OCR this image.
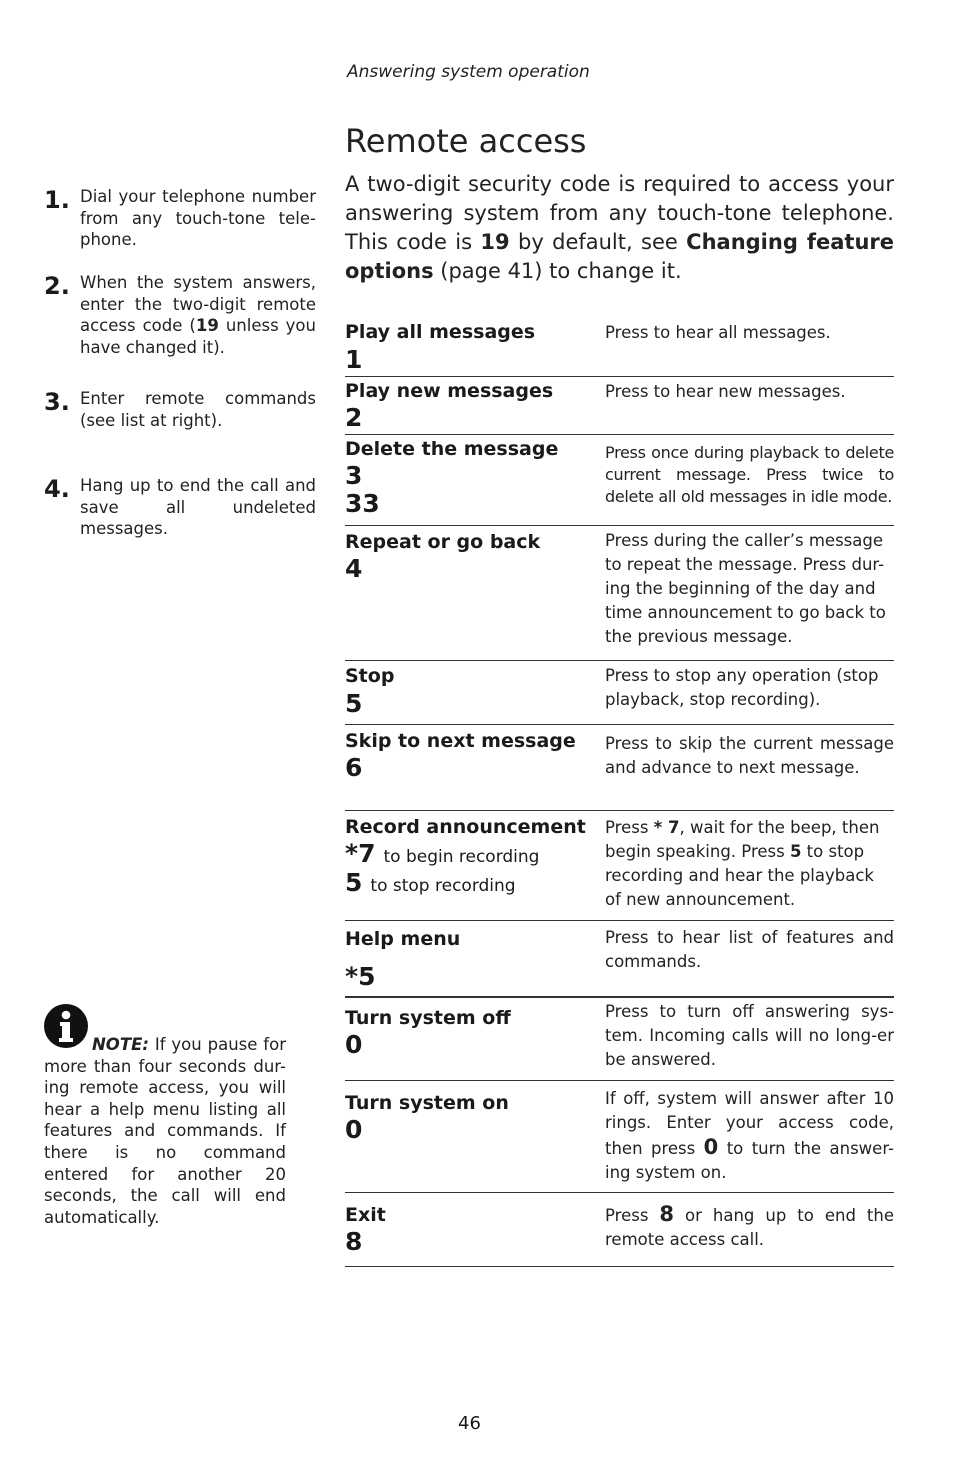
Answering system operation
Remote access
A two-digit security code is required to access your answering system from any touch-tone telephone. This code is 19 by default, see Changing feature options (page 41) to change it.
1. Dial your telephone number from any touch-tone tele-phone.
2. When the system answers, enter the two-digit remote access code (19 unless you have changed it).
3. Enter remote commands (see list at right).
4. Hang up to end the call and save all undeleted messages.
NOTE: If you pause for more than four seconds dur-ing remote access, you will hear a help menu listing all features and commands. If there is no command entered for another 20 seconds, the call will end automatically.
Play all messages
1
Press to hear all messages.
Play new messages
2
Press to hear new messages.
Delete the message
3
33
Press once during playback to delete current message. Press twice to delete all old messages in idle mode.
Repeat or go back
4
Press during the caller’s message to repeat the message. Press dur-ing the beginning of the day and time announcement to go back to the previous message.
Stop
5
Press to stop any operation (stop playback, stop recording).
Skip to next message
6
Press to skip the current message and advance to next message.
Record announcement
*7 to begin recording
5 to stop recording
Press * 7, wait for the beep, then begin speaking. Press 5 to stop recording and hear the playback of new announcement.
Help menu
*5
Press to hear list of features and commands.
Turn system off
0
Press to turn off answering sys-tem. Incoming calls will no long-er be answered.
Turn system on
0
If off, system will answer after 10 rings. Enter your access code, then press 0 to turn the answer-ing system on.
Exit
8
Press 8 or hang up to end the remote access call.
46
